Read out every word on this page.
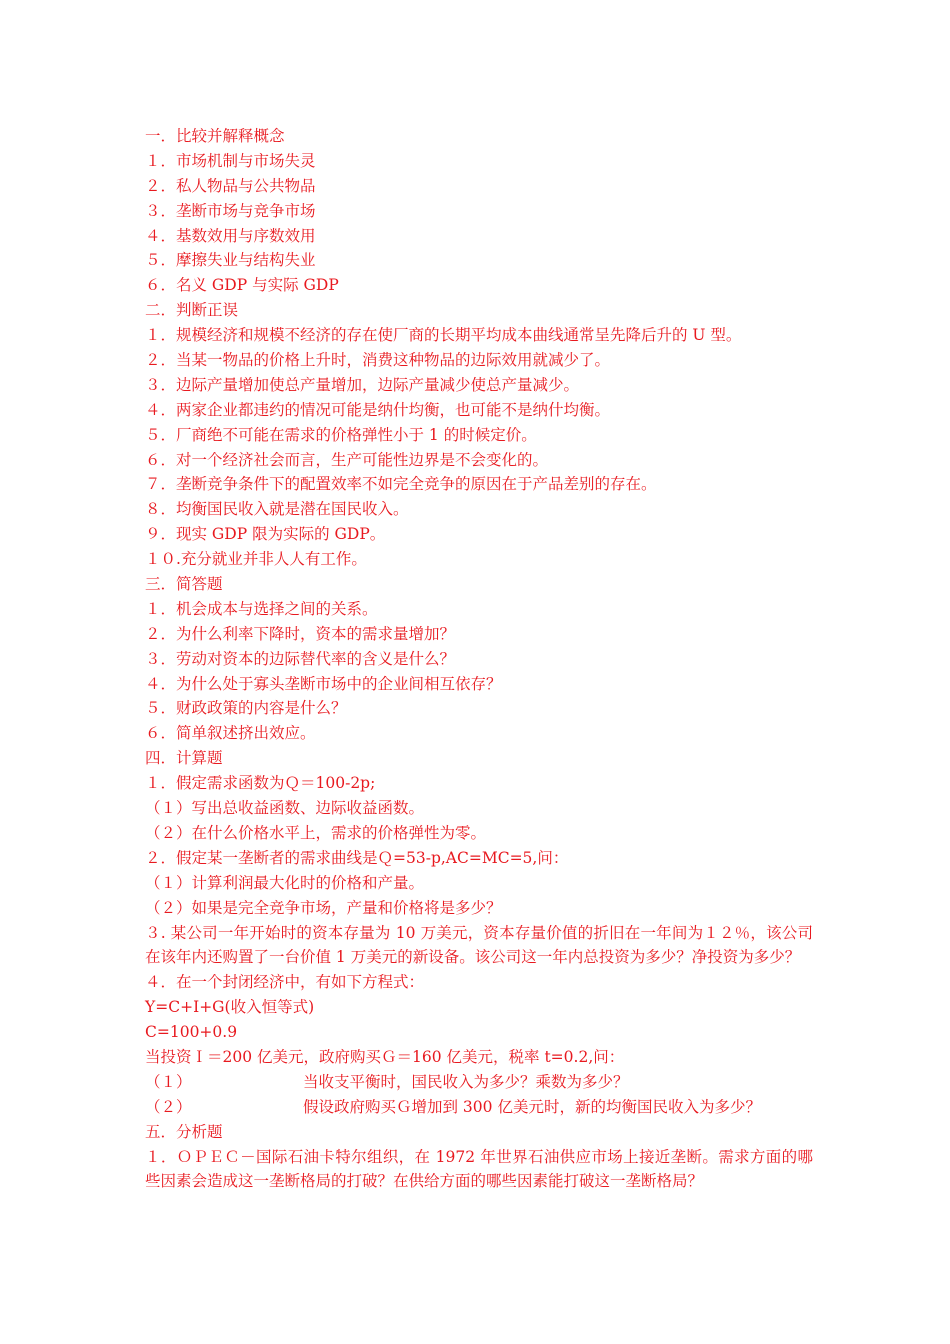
一．比较并解释概念
１．市场机制与市场失灵
２．私人物品与公共物品
３．垄断市场与竞争市场
４．基数效用与序数效用
５．摩擦失业与结构失业
６．名义 GDP 与实际 GDP
二．判断正误
１．规模经济和规模不经济的存在使厂商的长期平均成本曲线通常呈先降后升的 U 型。
２．当某一物品的价格上升时，消费这种物品的边际效用就减少了。
３．边际产量增加使总产量增加，边际产量减少使总产量减少。
４．两家企业都违约的情况可能是纳什均衡，也可能不是纳什均衡。
５．厂商绝不可能在需求的价格弹性小于 1 的时候定价。
６．对一个经济社会而言，生产可能性边界是不会变化的。
７．垄断竞争条件下的配置效率不如完全竞争的原因在于产品差别的存在。
８．均衡国民收入就是潜在国民收入。
９．现实 GDP 限为实际的 GDP。
１０.充分就业并非人人有工作。
三．简答题
１．机会成本与选择之间的关系。
２．为什么利率下降时，资本的需求量增加？
３．劳动对资本的边际替代率的含义是什么？
４．为什么处于寡头垄断市场中的企业间相互依存？
５．财政政策的内容是什么？
６．简单叙述挤出效应。
四．计算题
１．假定需求函数为Ｑ＝100-2p;
（１）写出总收益函数、边际收益函数。
（２）在什么价格水平上，需求的价格弹性为零。
２．假定某一垄断者的需求曲线是Ｑ=53-p,AC=MC=5,问：
（１）计算利润最大化时的价格和产量。
（２）如果是完全竞争市场，产量和价格将是多少？
３. 某公司一年开始时的资本存量为 10 万美元，资本存量价值的折旧在一年间为１２％，该公司在该年内还购置了一台价值 1 万美元的新设备。该公司这一年内总投资为多少？净投资为多少？
４．在一个封闭经济中，有如下方程式：
Y=C+I+G(收入恒等式)
C=100+0.9
当投资Ｉ＝200 亿美元，政府购买Ｇ＝160 亿美元，税率 t=0.2,问：
（１）	当收支平衡时，国民收入为多少？乘数为多少？
（２）	假设政府购买Ｇ增加到 300 亿美元时，新的均衡国民收入为多少？
五．分析题
１．ＯＰＥＣ－国际石油卡特尔组织，在 1972 年世界石油供应市场上接近垄断。需求方面的哪些因素会造成这一垄断格局的打破？在供给方面的哪些因素能打破这一垄断格局？
